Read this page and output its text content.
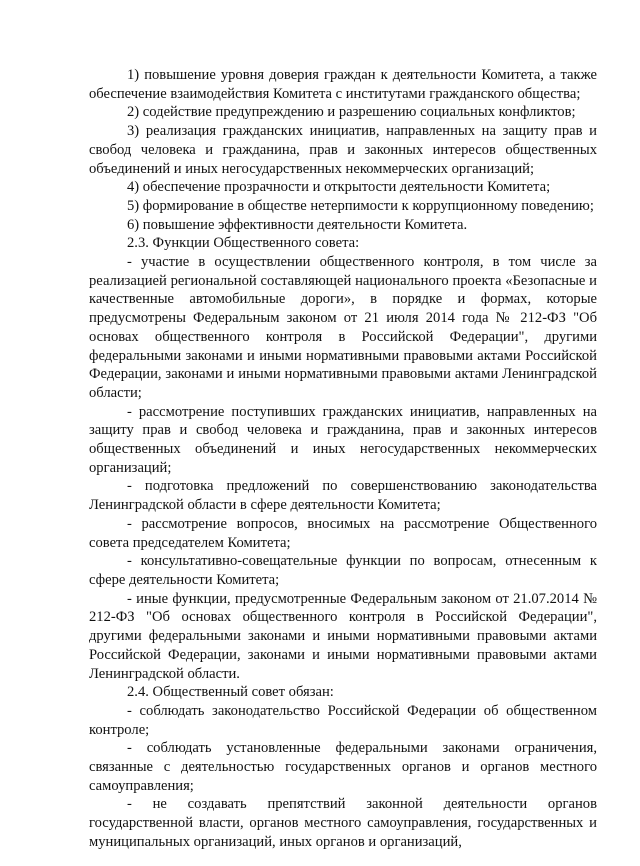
1) повышение уровня доверия граждан к деятельности Комитета, а также обеспечение взаимодействия Комитета с институтами гражданского общества;

2) содействие предупреждению и разрешению социальных конфликтов;

3) реализация гражданских инициатив, направленных на защиту прав и свобод человека и гражданина, прав и законных интересов общественных объединений и иных негосударственных некоммерческих организаций;

4) обеспечение прозрачности и открытости деятельности Комитета;

5) формирование в обществе нетерпимости к коррупционному поведению;

6) повышение эффективности деятельности Комитета.

2.3. Функции Общественного совета:

- участие в осуществлении общественного контроля, в том числе за реализацией региональной составляющей национального проекта «Безопасные и качественные автомобильные дороги», в порядке и формах, которые предусмотрены Федеральным законом от 21 июля 2014 года № 212-ФЗ "Об основах общественного контроля в Российской Федерации", другими федеральными законами и иными нормативными правовыми актами Российской Федерации, законами и иными нормативными правовыми актами Ленинградской области;

- рассмотрение поступивших гражданских инициатив, направленных на защиту прав и свобод человека и гражданина, прав и законных интересов общественных объединений и иных негосударственных некоммерческих организаций;

- подготовка предложений по совершенствованию законодательства Ленинградской области в сфере деятельности Комитета;

- рассмотрение вопросов, вносимых на рассмотрение Общественного совета председателем Комитета;

- консультативно-совещательные функции по вопросам, отнесенным к сфере деятельности Комитета;

- иные функции, предусмотренные Федеральным законом от 21.07.2014 № 212-ФЗ "Об основах общественного контроля в Российской Федерации", другими федеральными законами и иными нормативными правовыми актами Российской Федерации, законами и иными нормативными правовыми актами Ленинградской области.

2.4. Общественный совет обязан:

- соблюдать законодательство Российской Федерации об общественном контроле;

- соблюдать установленные федеральными законами ограничения, связанные с деятельностью государственных органов и органов местного самоуправления;

- не создавать препятствий законной деятельности органов государственной власти, органов местного самоуправления, государственных и муниципальных организаций, иных органов и организаций,
